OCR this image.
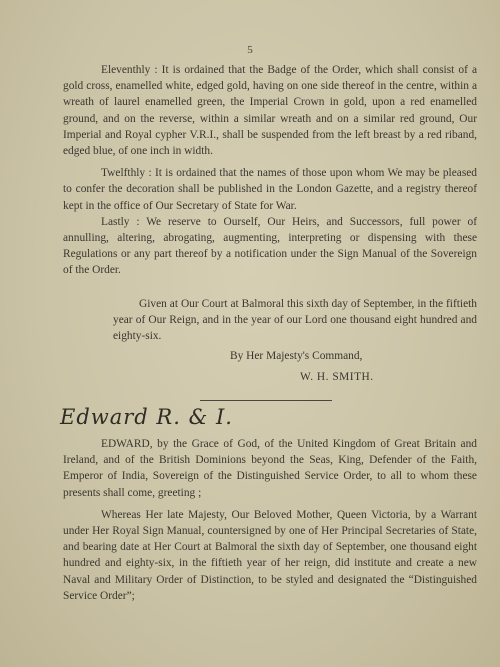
5

Eleventhly : It is ordained that the Badge of the Order, which shall consist of a gold cross, enamelled white, edged gold, having on one side thereof in the centre, within a wreath of laurel enamelled green, the Imperial Crown in gold, upon a red enamelled ground, and on the reverse, within a similar wreath and on a similar red ground, Our Imperial and Royal cypher V.R.I., shall be suspended from the left breast by a red riband, edged blue, of one inch in width.

Twelfthly : It is ordained that the names of those upon whom We may be pleased to confer the decoration shall be published in the London Gazette, and a registry thereof kept in the office of Our Secretary of State for War.

Lastly : We reserve to Ourself, Our Heirs, and Successors, full power of annulling, altering, abrogating, augmenting, interpreting or dispensing with these Regulations or any part thereof by a notification under the Sign Manual of the Sovereign of the Order.

Given at Our Court at Balmoral this sixth day of September, in the fiftieth year of Our Reign, and in the year of our Lord one thousand eight hundred and eighty-six.

By Her Majesty's Command,
W. H. SMITH.
Edward R. & I.

EDWARD, by the Grace of God, of the United Kingdom of Great Britain and Ireland, and of the British Dominions beyond the Seas, King, Defender of the Faith, Emperor of India, Sovereign of the Distinguished Service Order, to all to whom these presents shall come, greeting ;

Whereas Her late Majesty, Our Beloved Mother, Queen Victoria, by a Warrant under Her Royal Sign Manual, countersigned by one of Her Principal Secretaries of State, and bearing date at Her Court at Balmoral the sixth day of September, one thousand eight hundred and eighty-six, in the fiftieth year of her reign, did institute and create a new Naval and Military Order of Distinction, to be styled and designated the “Distinguished Service Order”;
